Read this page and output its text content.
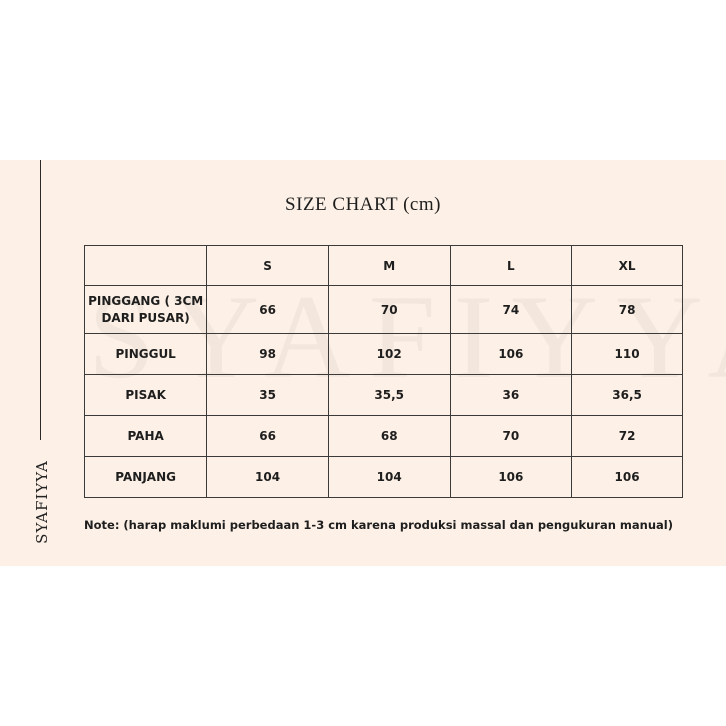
SYAFIYYA
SIZE CHART (cm)
	S	M	L	XL
PINGGANG ( 3CM DARI PUSAR)	66	70	74	78
PINGGUL	98	102	106	110
PISAK	35	35,5	36	36,5
PAHA	66	68	70	72
PANJANG	104	104	106	106
Note: (harap maklumi perbedaan 1-3 cm karena produksi massal dan pengukuran manual)
